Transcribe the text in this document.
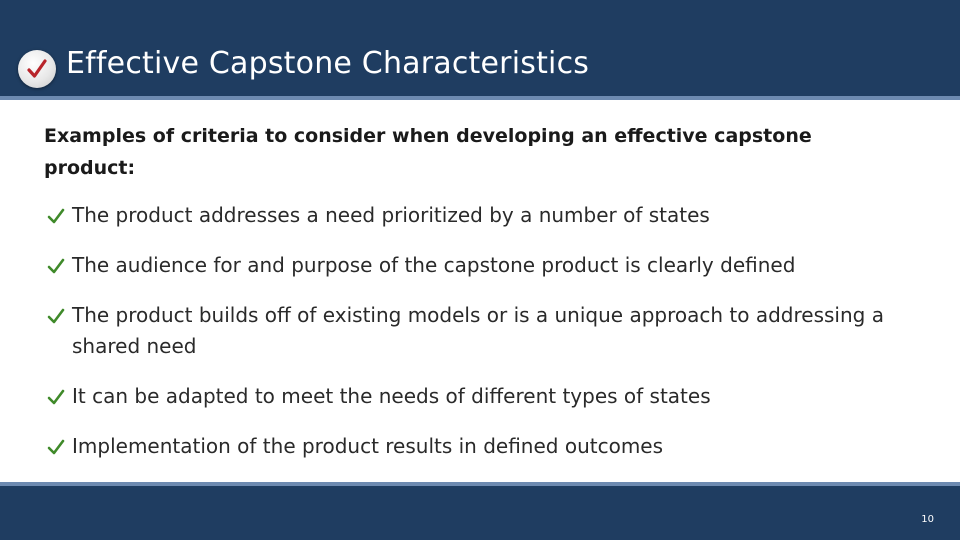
Effective Capstone Characteristics
Examples of criteria to consider when developing an effective capstone product:
The product addresses a need prioritized by a number of states
The audience for and purpose of the capstone product is clearly defined
The product builds off of existing models or is a unique approach to addressing a shared need
It can be adapted to meet the needs of different types of states
Implementation of the product results in defined outcomes
10
